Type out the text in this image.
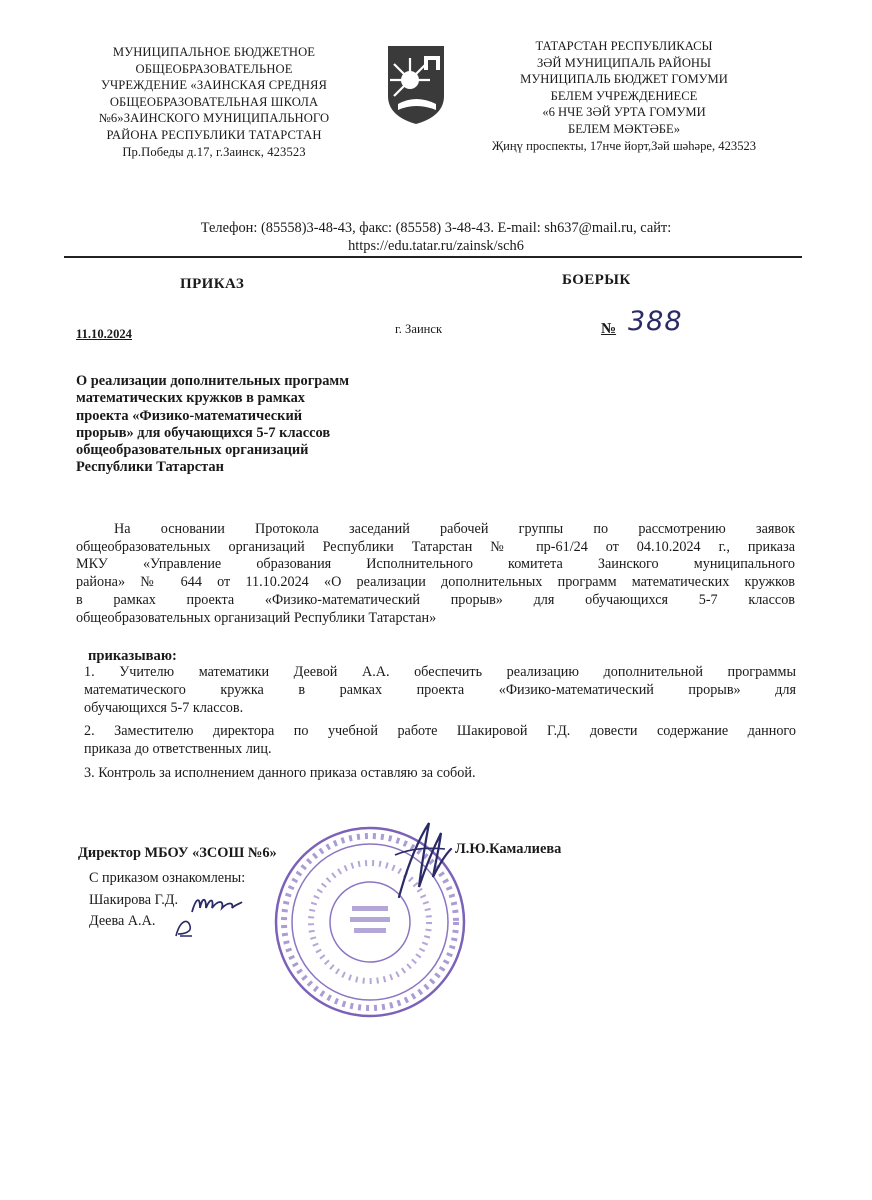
МУНИЦИПАЛЬНОЕ БЮДЖЕТНОЕ
ОБЩЕОБРАЗОВАТЕЛЬНОЕ
УЧРЕЖДЕНИЕ «ЗАИНСКАЯ СРЕДНЯЯ
ОБЩЕОБРАЗОВАТЕЛЬНАЯ ШКОЛА
№6»ЗАИНСКОГО МУНИЦИПАЛЬНОГО
РАЙОНА РЕСПУБЛИКИ ТАТАРСТАН
Пр.Победы д.17, г.Заинск, 423523
ТАТАРСТАН РЕСПУБЛИКАСЫ
ЗӘЙ МУНИЦИПАЛЬ РАЙОНЫ
МУНИЦИПАЛЬ БЮДЖЕТ ГОМУМИ
БЕЛЕМ УЧРЕЖДЕНИЕСЕ
«6 НЧЕ ЗӘЙ УРТА ГОМУМИ
БЕЛЕМ МӘКТӘБЕ»
Җиңү проспекты, 17нче йорт,Зәй шәһәре, 423523
Телефон: (85558)3-48-43, факс: (85558) 3-48-43. E-mail: sh637@mail.ru, сайт:
https://edu.tatar.ru/zainsk/sch6
ПРИКАЗ	БОЕРЫК
11.10.2024	г. Заинск	№ 388
О реализации дополнительных программ
математических кружков в рамках
проекта «Физико-математический
прорыв» для обучающихся 5-7 классов
общеобразовательных организаций
Республики Татарстан
На основании Протокола заседаний рабочей группы по рассмотрению заявок
общеобразовательных организаций Республики Татарстан № пр-61/24 от 04.10.2024 г., приказа
МКУ «Управление образования Исполнительного комитета Заинского муниципального
района» № 644 от 11.10.2024 «О реализации дополнительных программ математических кружков
в рамках проекта «Физико-математический прорыв» для обучающихся 5-7 классов
общеобразовательных организаций Республики Татарстан»
приказываю:
1. Учителю математики Деевой А.А. обеспечить реализацию дополнительной программы
математического кружка в рамках проекта «Физико-математический прорыв» для
обучающихся 5-7 классов.
2. Заместителю директора по учебной работе Шакировой Г.Д. довести содержание данного
приказа до ответственных лиц.
3. Контроль за исполнением данного приказа оставляю за собой.
Директор МБОУ «ЗСОШ №6»	Л.Ю.Камалиева
С приказом ознакомлены:
Шакирова Г.Д.
Деева А.А.
